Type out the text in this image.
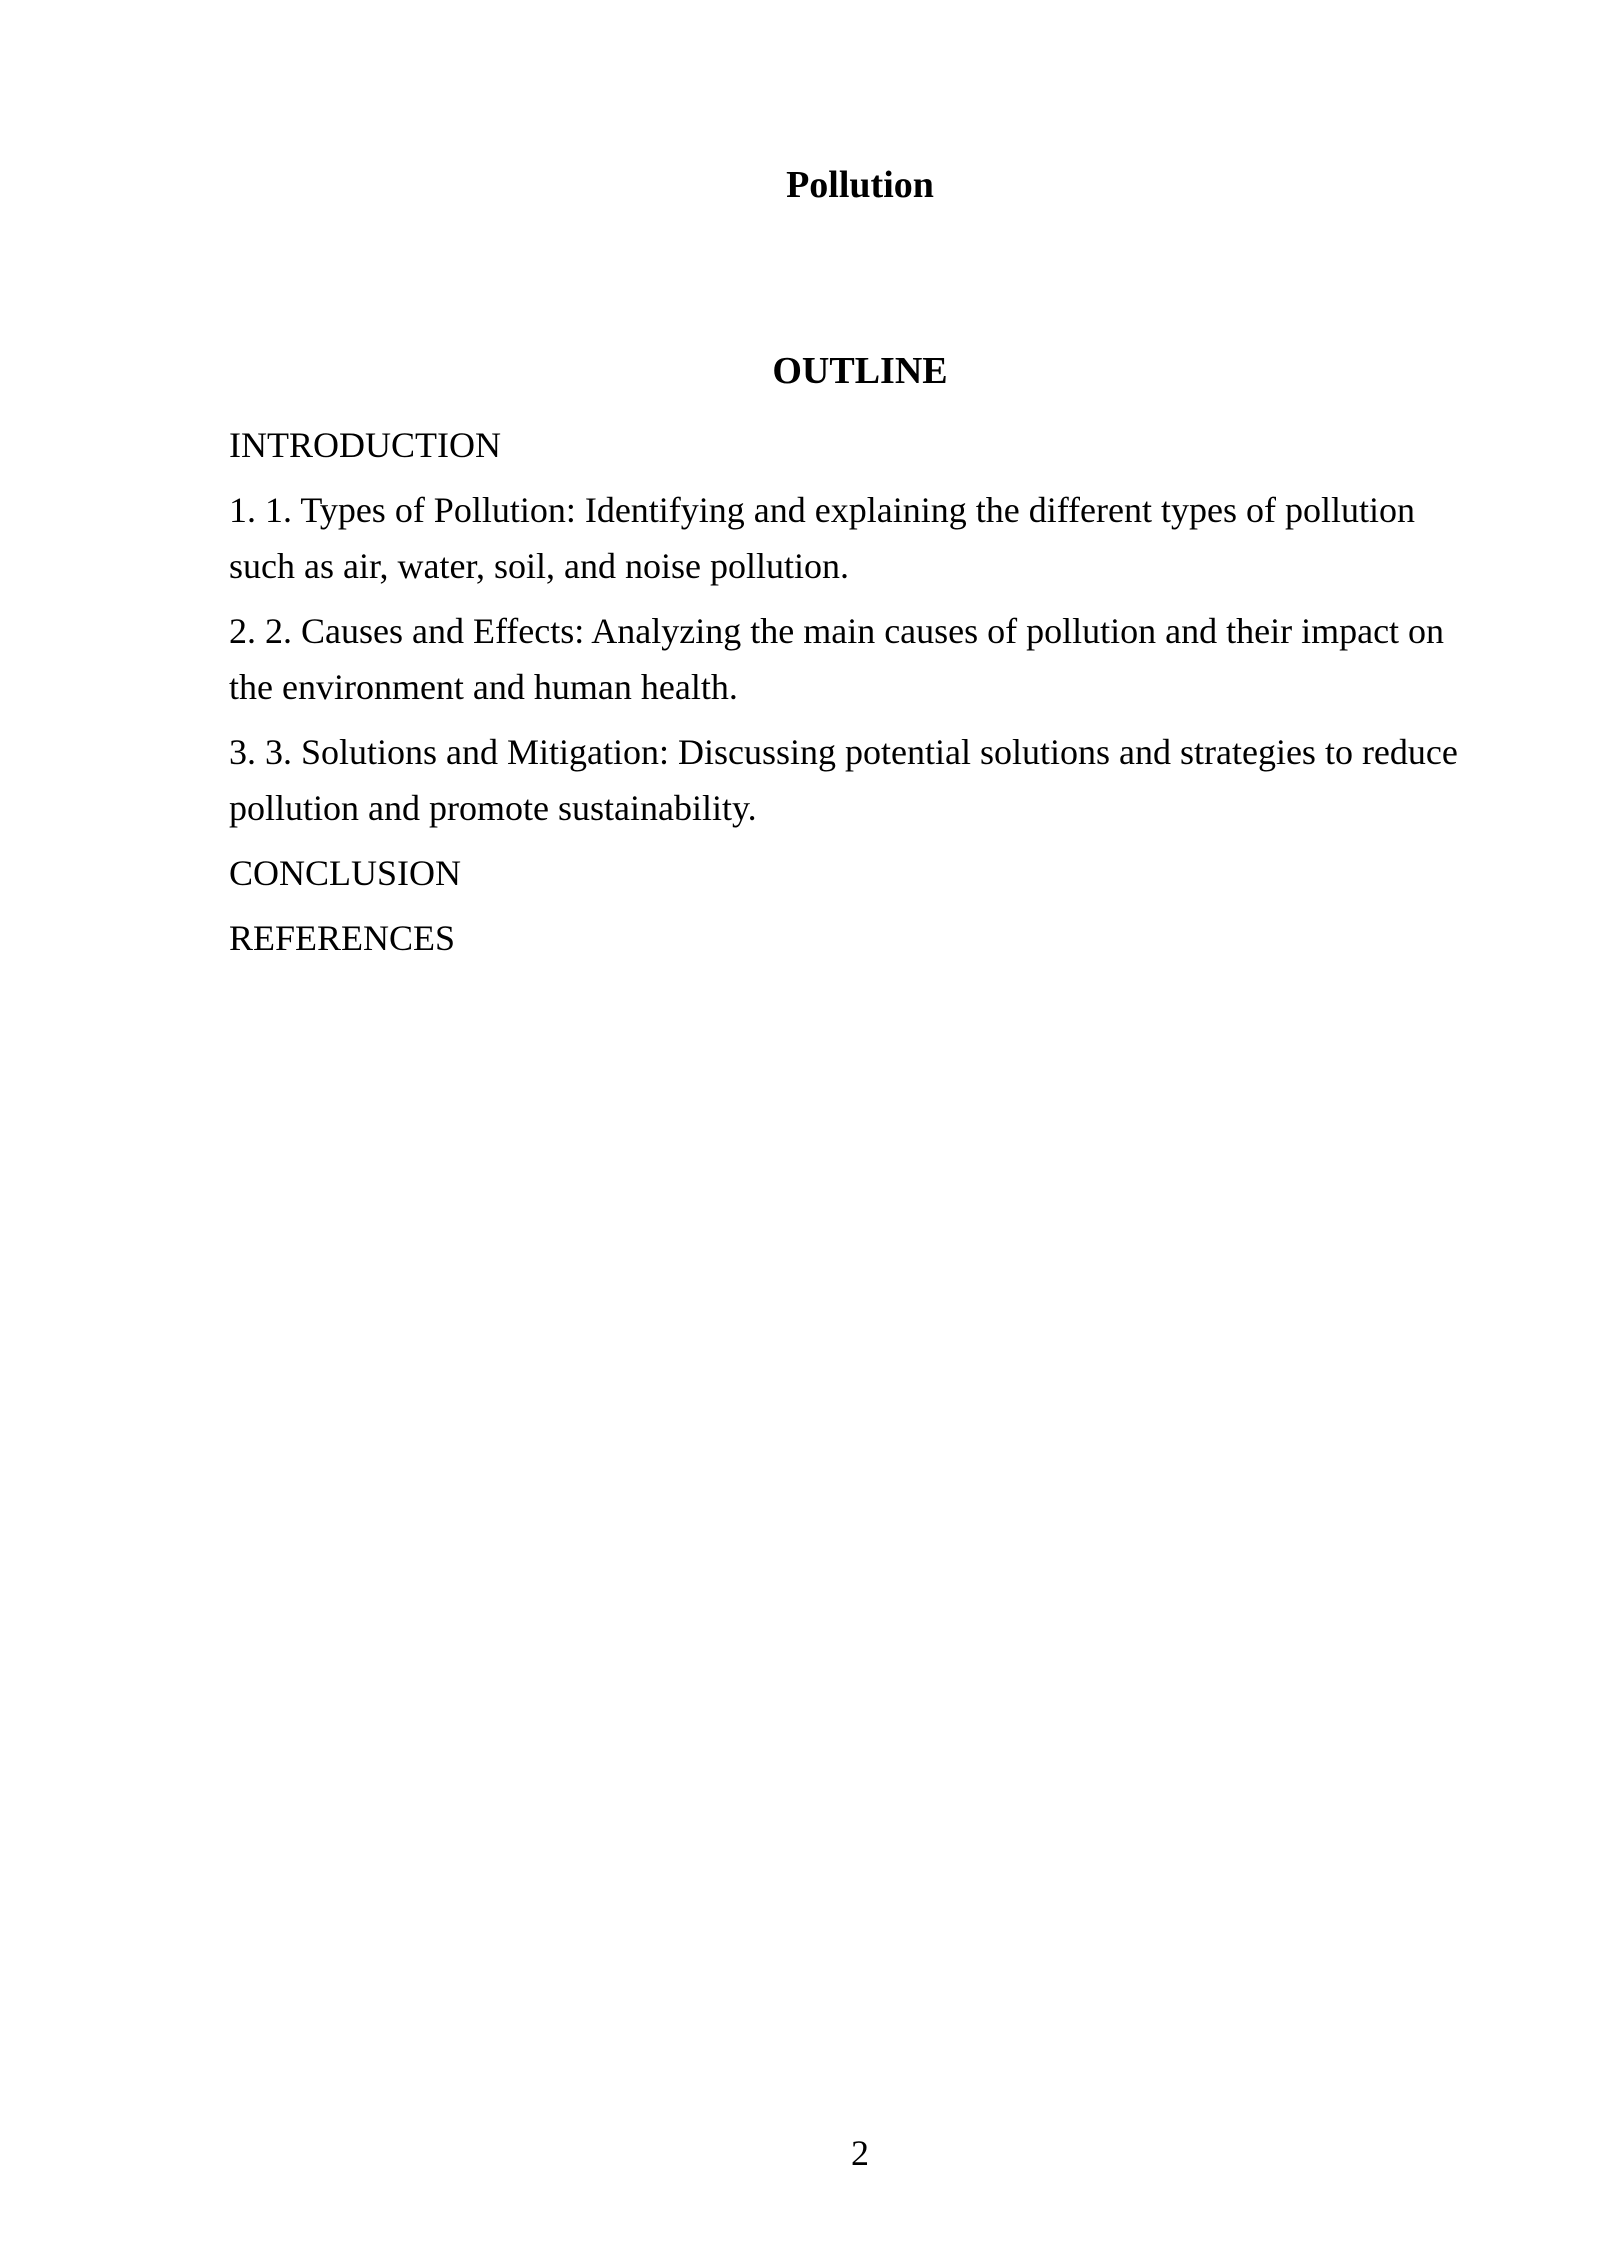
Pollution
OUTLINE

INTRODUCTION

1. 1. Types of Pollution: Identifying and explaining the different types of pollution such as air, water, soil, and noise pollution.

2. 2. Causes and Effects: Analyzing the main causes of pollution and their impact on the environment and human health.

3. 3. Solutions and Mitigation: Discussing potential solutions and strategies to reduce pollution and promote sustainability.

CONCLUSION

REFERENCES

2
